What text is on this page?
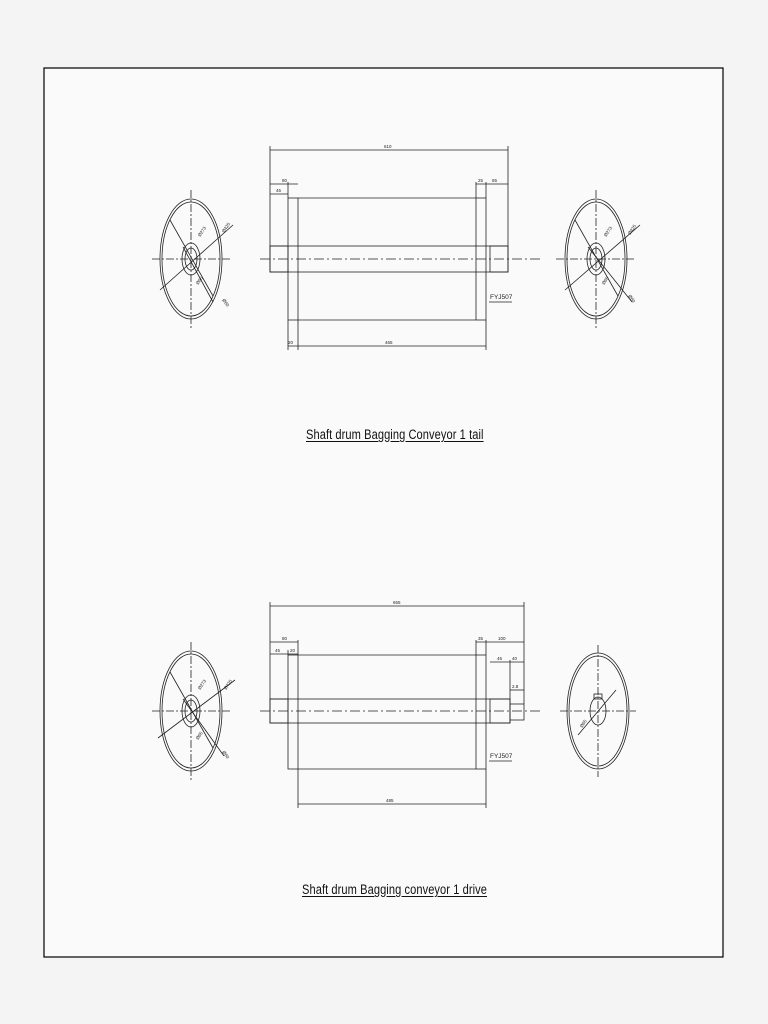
Ø425
Ø273
Ø65
Ø60
610
80
45
25 65
20	465
FYJ507
Ø425
Ø273
Ø65
Ø60
Ø425
Ø273
Ø65
Ø60
655
80
45 20
35	100
45 40
2.8
485
FYJ507
Ø65
Shaft drum Bagging Conveyor 1 tail
Shaft drum Bagging conveyor 1 drive
